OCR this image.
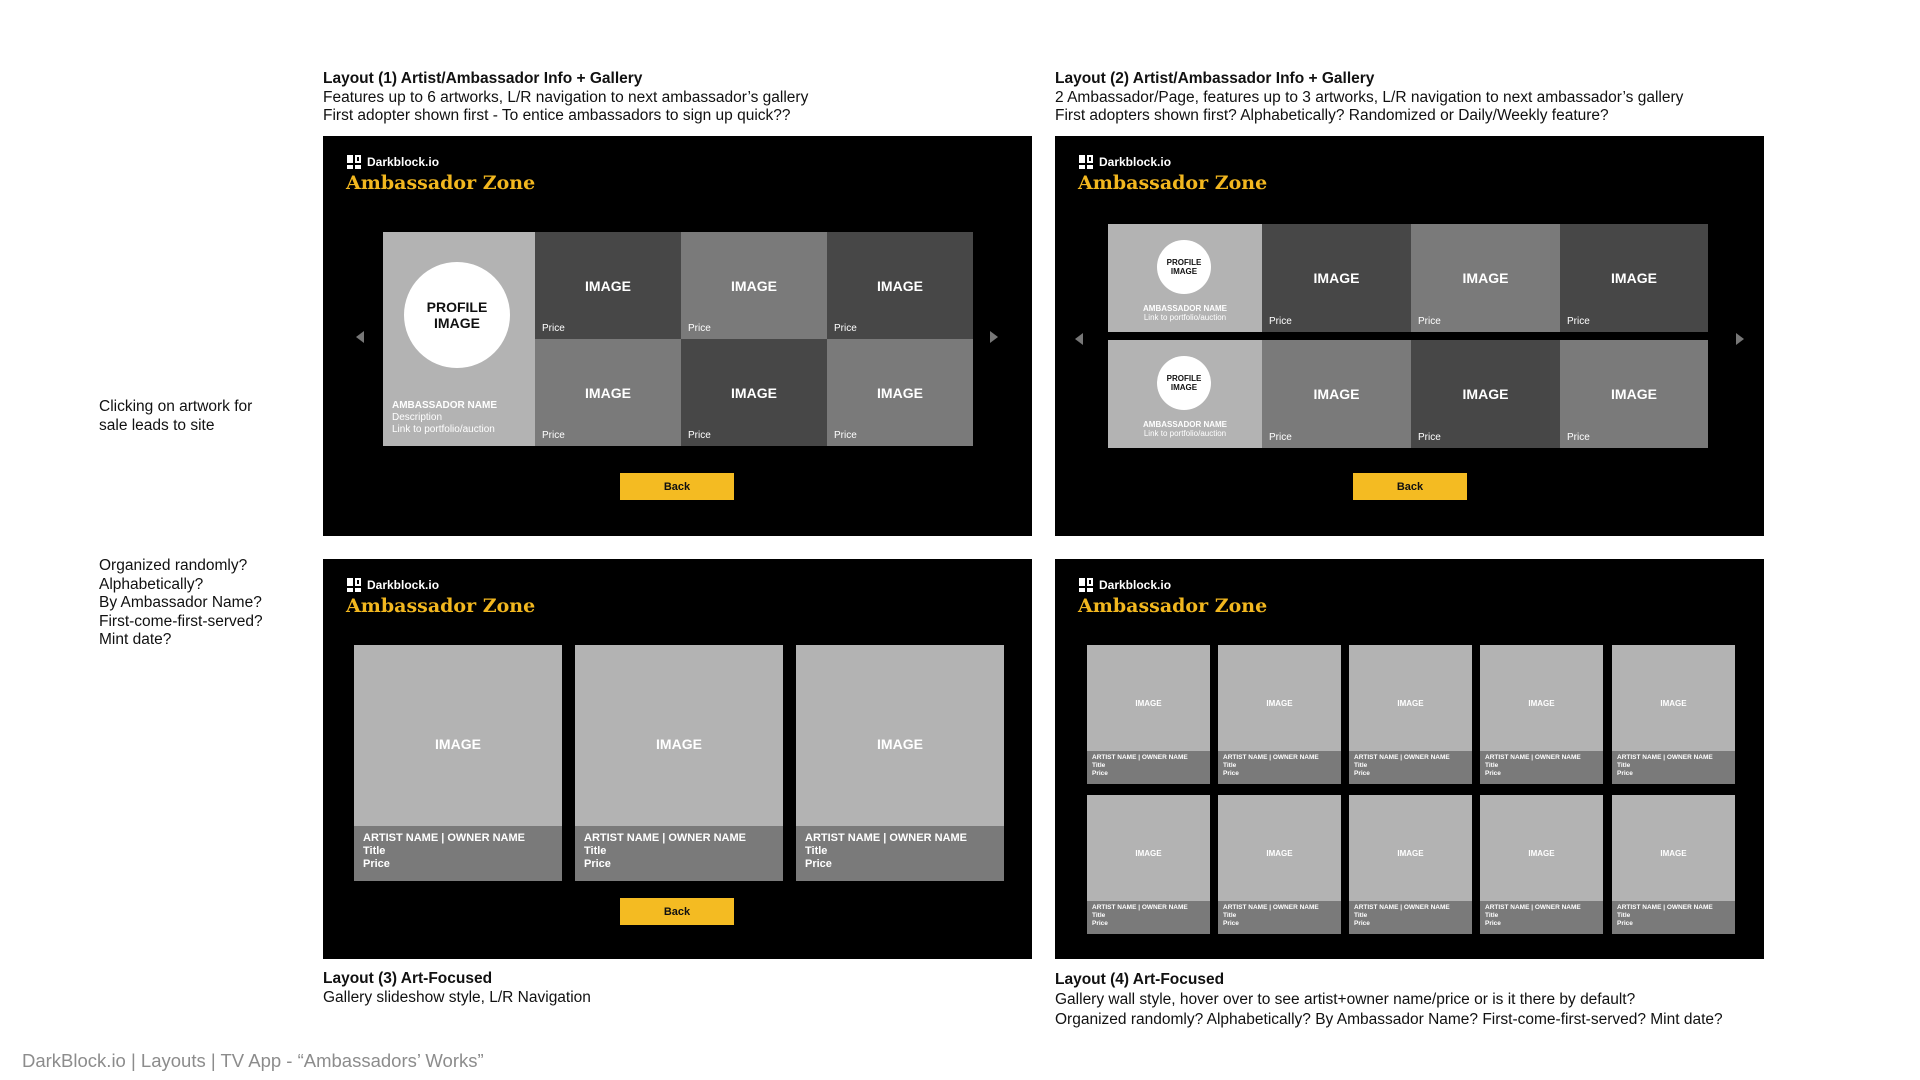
Layout (1) Artist/Ambassador Info + Gallery
Features up to 6 artworks, L/R navigation to next ambassador’s gallery
First adopter shown first - To entice ambassadors to sign up quick??
Layout (2) Artist/Ambassador Info + Gallery
2 Ambassador/Page, features up to 3 artworks, L/R navigation to next ambassador’s gallery
First adopters shown first? Alphabetically? Randomized or Daily/Weekly feature?
Layout (3) Art-Focused
Gallery slideshow style, L/R Navigation
Layout (4) Art-Focused
Gallery wall style, hover over to see artist+owner name/price or is it there by default?
Organized randomly? Alphabetically? By Ambassador Name? First-come-first-served? Mint date?
Clicking on artwork for
sale leads to site
Organized randomly?
Alphabetically?
By Ambassador Name?
First-come-first-served?
Mint date?
DarkBlock.io | Layouts | TV App - “Ambassadors’ Works”
Darkblock.io
Ambassador Zone
PROFILE IMAGE
AMBASSADOR NAME
Description
Link to portfolio/auction
IMAGE
Price
IMAGE
Price
IMAGE
Price
IMAGE
Price
IMAGE
Price
IMAGE
Price
Back
Darkblock.io
Ambassador Zone
PROFILE IMAGE
AMBASSADOR NAME
Link to portfolio/auction
IMAGE
Price
IMAGE
Price
IMAGE
Price
PROFILE IMAGE
AMBASSADOR NAME
Link to portfolio/auction
IMAGE
Price
IMAGE
Price
IMAGE
Price
Back
Darkblock.io
Ambassador Zone
IMAGE
ARTIST NAME | OWNER NAME
Title
Price
IMAGE
ARTIST NAME | OWNER NAME
Title
Price
IMAGE
ARTIST NAME | OWNER NAME
Title
Price
Back
Darkblock.io
Ambassador Zone
IMAGE
ARTIST NAME | OWNER NAME
Title
Price
IMAGE
ARTIST NAME | OWNER NAME
Title
Price
IMAGE
ARTIST NAME | OWNER NAME
Title
Price
IMAGE
ARTIST NAME | OWNER NAME
Title
Price
IMAGE
ARTIST NAME | OWNER NAME
Title
Price
IMAGE
ARTIST NAME | OWNER NAME
Title
Price
IMAGE
ARTIST NAME | OWNER NAME
Title
Price
IMAGE
ARTIST NAME | OWNER NAME
Title
Price
IMAGE
ARTIST NAME | OWNER NAME
Title
Price
IMAGE
ARTIST NAME | OWNER NAME
Title
Price
